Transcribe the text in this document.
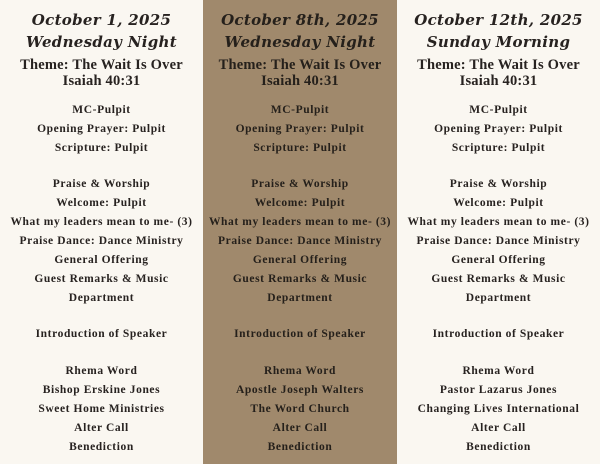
October 1, 2025
Wednesday Night
Theme: The Wait Is Over
Isaiah 40:31
MC-Pulpit
Opening Prayer: Pulpit
Scripture: Pulpit
Praise & Worship
Welcome: Pulpit
What my leaders mean to me- (3)
Praise Dance: Dance Ministry
General Offering
Guest Remarks & Music
Department
Introduction of Speaker
Rhema Word
Bishop Erskine Jones
Sweet Home Ministries
Alter Call
Benediction
October 8th, 2025
Wednesday Night
Theme: The Wait Is Over
Isaiah 40:31
MC-Pulpit
Opening Prayer: Pulpit
Scripture: Pulpit
Praise & Worship
Welcome: Pulpit
What my leaders mean to me- (3)
Praise Dance: Dance Ministry
General Offering
Guest Remarks & Music
Department
Introduction of Speaker
Rhema Word
Apostle Joseph Walters
The Word Church
Alter Call
Benediction
October 12th, 2025
Sunday Morning
Theme: The Wait Is Over
Isaiah 40:31
MC-Pulpit
Opening Prayer: Pulpit
Scripture: Pulpit
Praise & Worship
Welcome: Pulpit
What my leaders mean to me- (3)
Praise Dance: Dance Ministry
General Offering
Guest Remarks & Music
Department
Introduction of Speaker
Rhema Word
Pastor Lazarus Jones
Changing Lives International
Alter Call
Benediction
